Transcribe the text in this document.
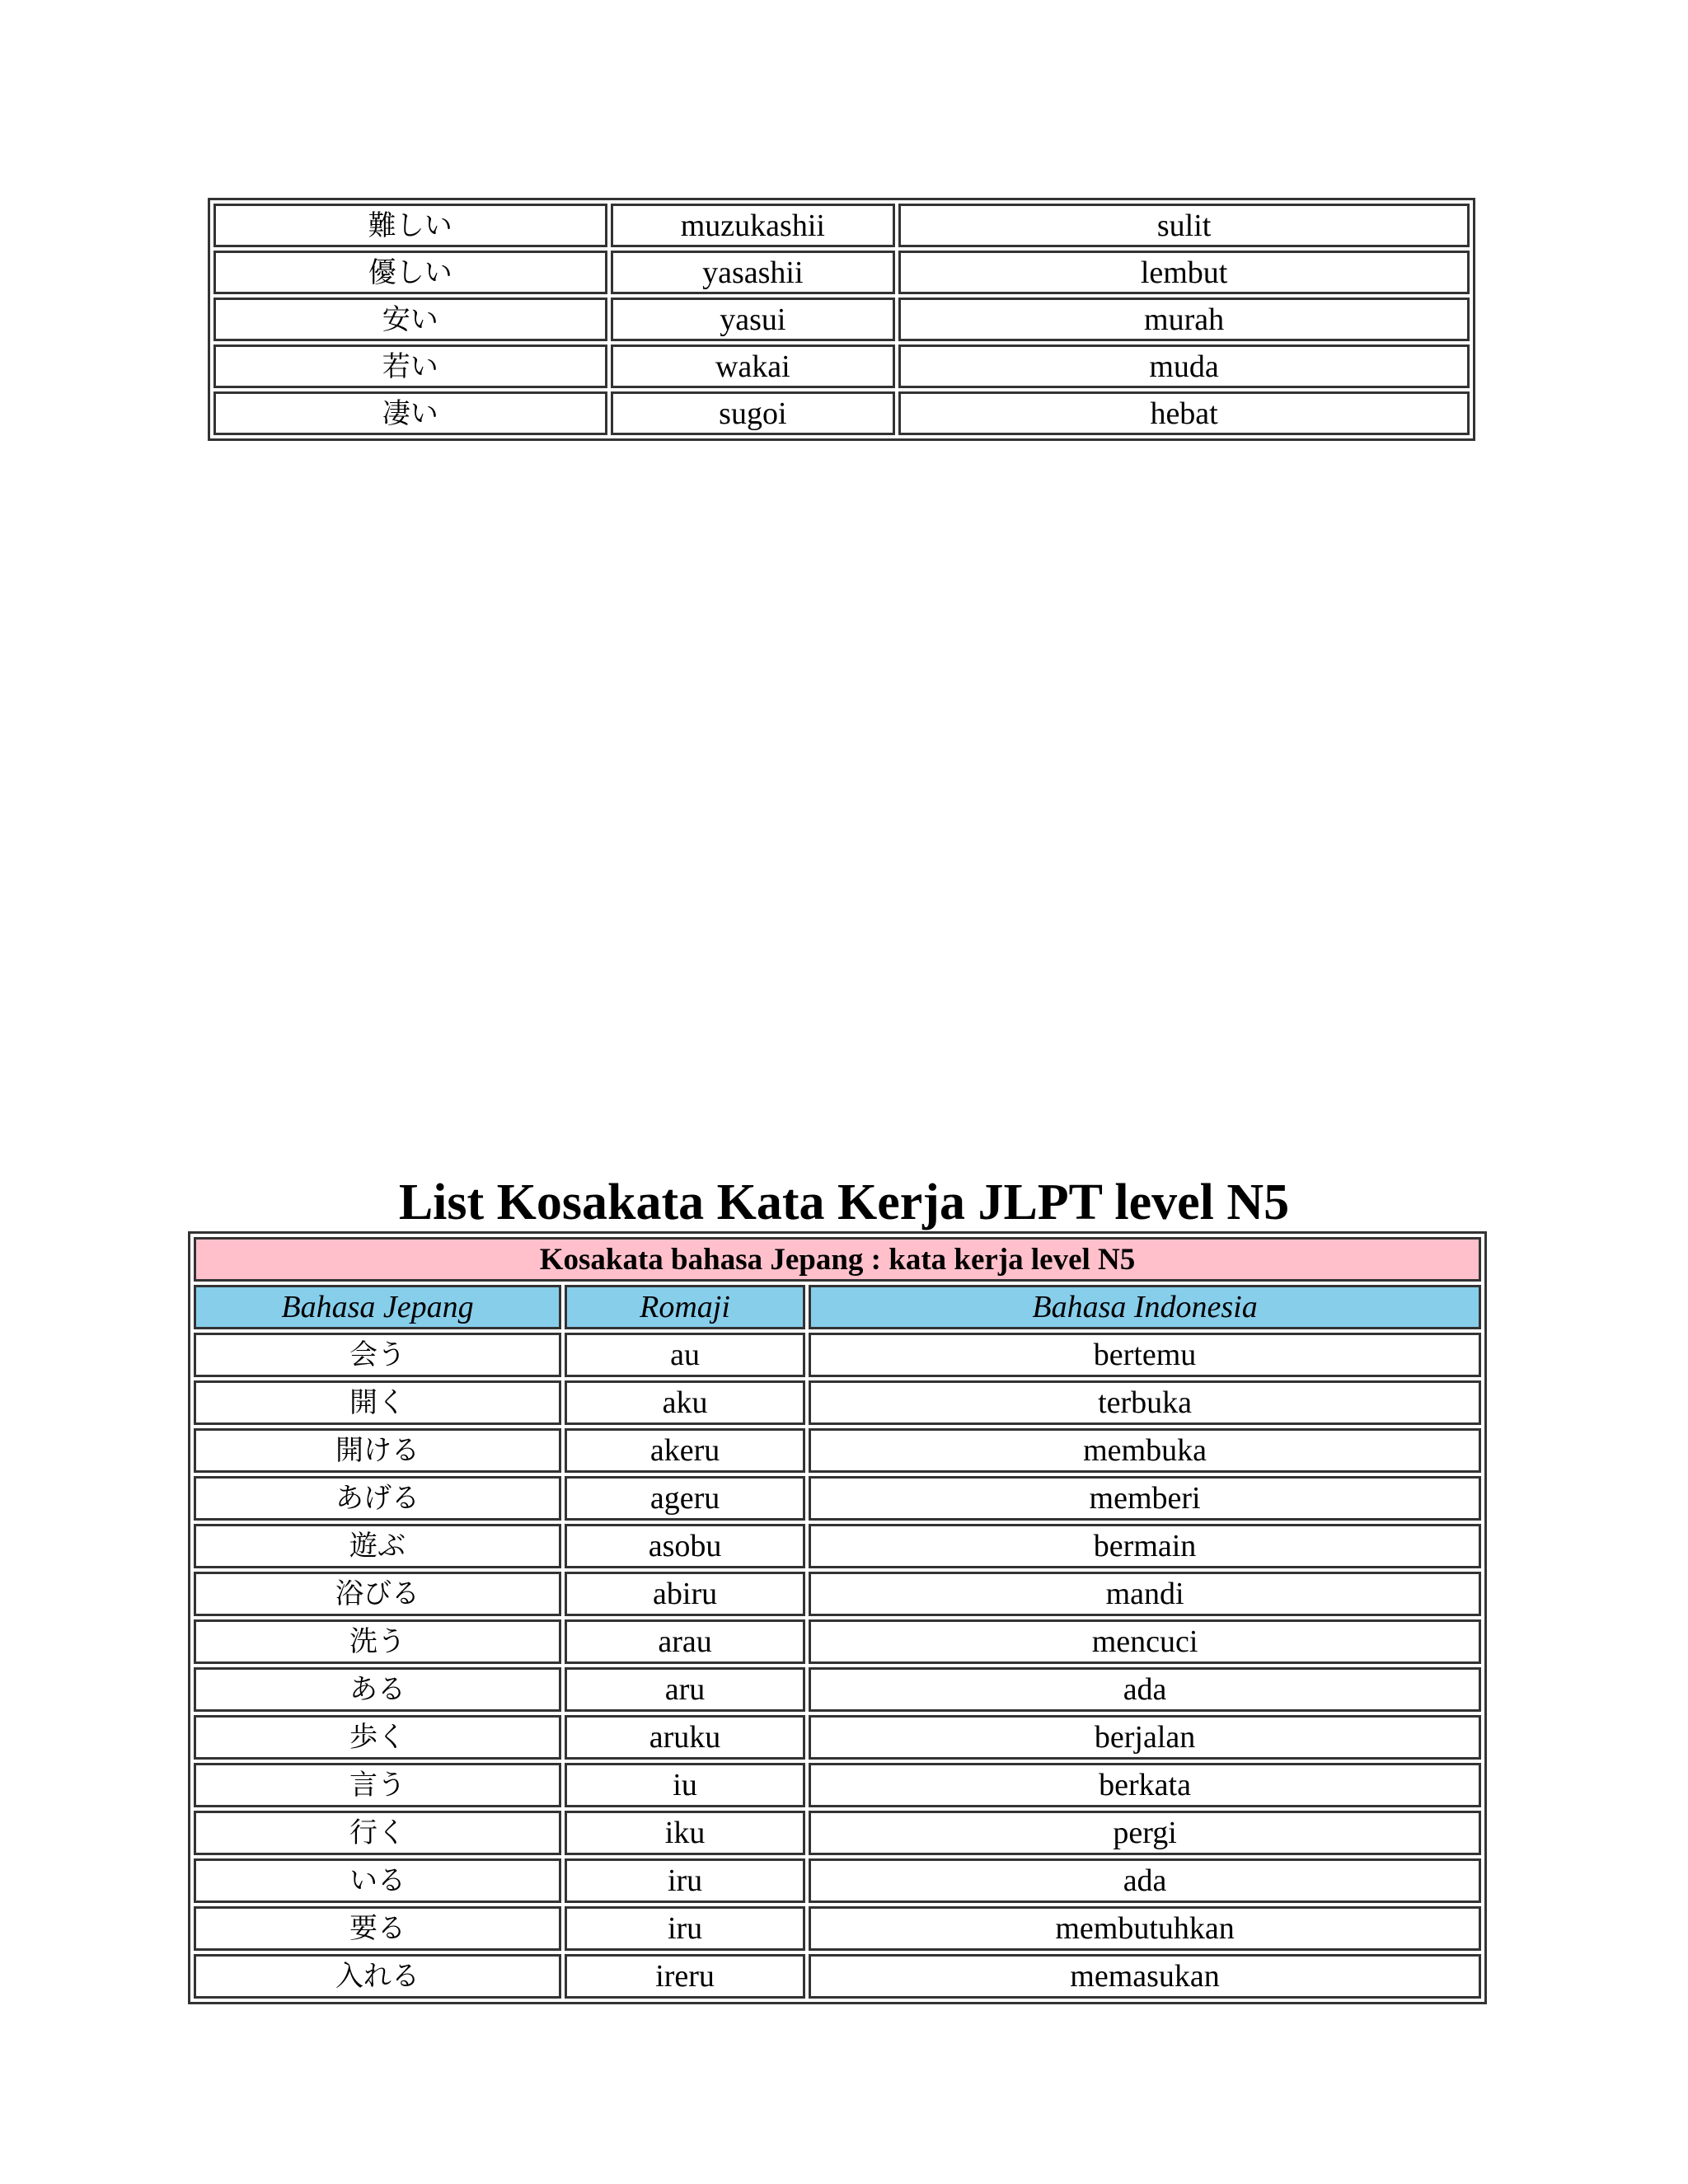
難しい	muzukashii	sulit
優しい	yasashii	lembut
安い	yasui	murah
若い	wakai	muda
凄い	sugoi	hebat
List Kosakata Kata Kerja JLPT level N5
Kosakata bahasa Jepang : kata kerja level N5		
Bahasa Jepang	Romaji	Bahasa Indonesia
会う	au	bertemu
開く	aku	terbuka
開ける	akeru	membuka
あげる	ageru	memberi
遊ぶ	asobu	bermain
浴びる	abiru	mandi
洗う	arau	mencuci
ある	aru	ada
歩く	aruku	berjalan
言う	iu	berkata
行く	iku	pergi
いる	iru	ada
要る	iru	membutuhkan
入れる	ireru	memasukan
